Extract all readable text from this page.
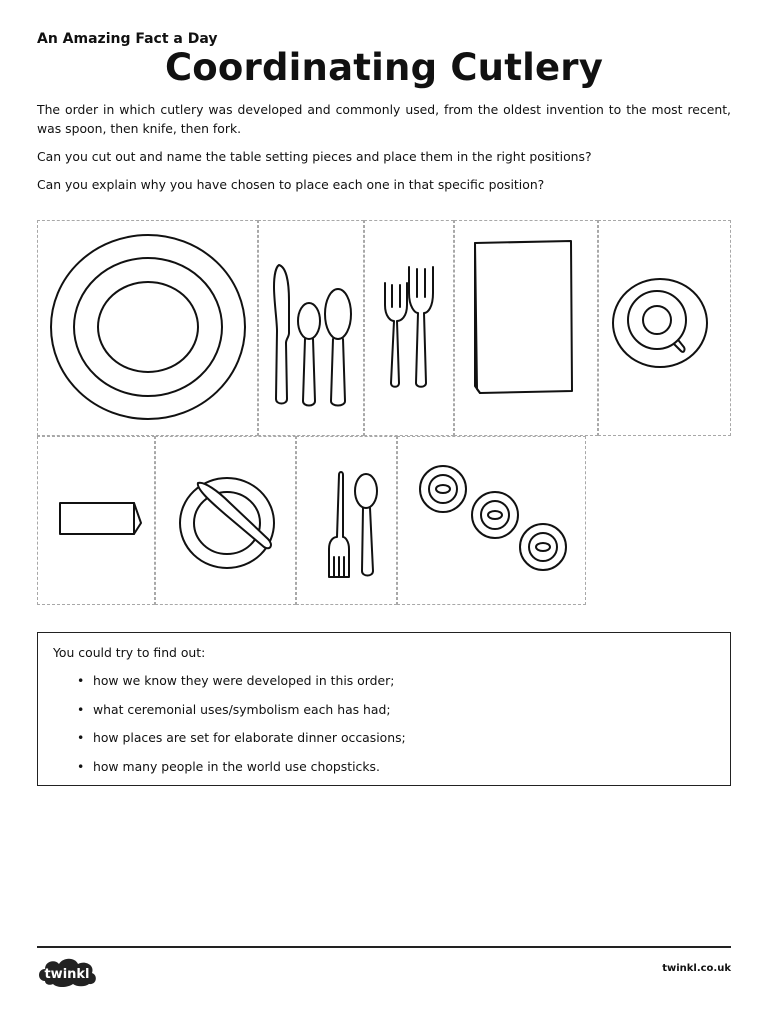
An Amazing Fact a Day
Coordinating Cutlery
The order in which cutlery was developed and commonly used, from the oldest invention to the most recent, was spoon, then knife, then fork.
Can you cut out and name the table setting pieces and place them in the right positions?
Can you explain why you have chosen to place each one in that specific position?
You could try to find out:
• how we know they were developed in this order;
• what ceremonial uses/symbolism each has had;
• how places are set for elaborate dinner occasions;
• how many people in the world use chopsticks.
twinkl	twinkl.co.uk
